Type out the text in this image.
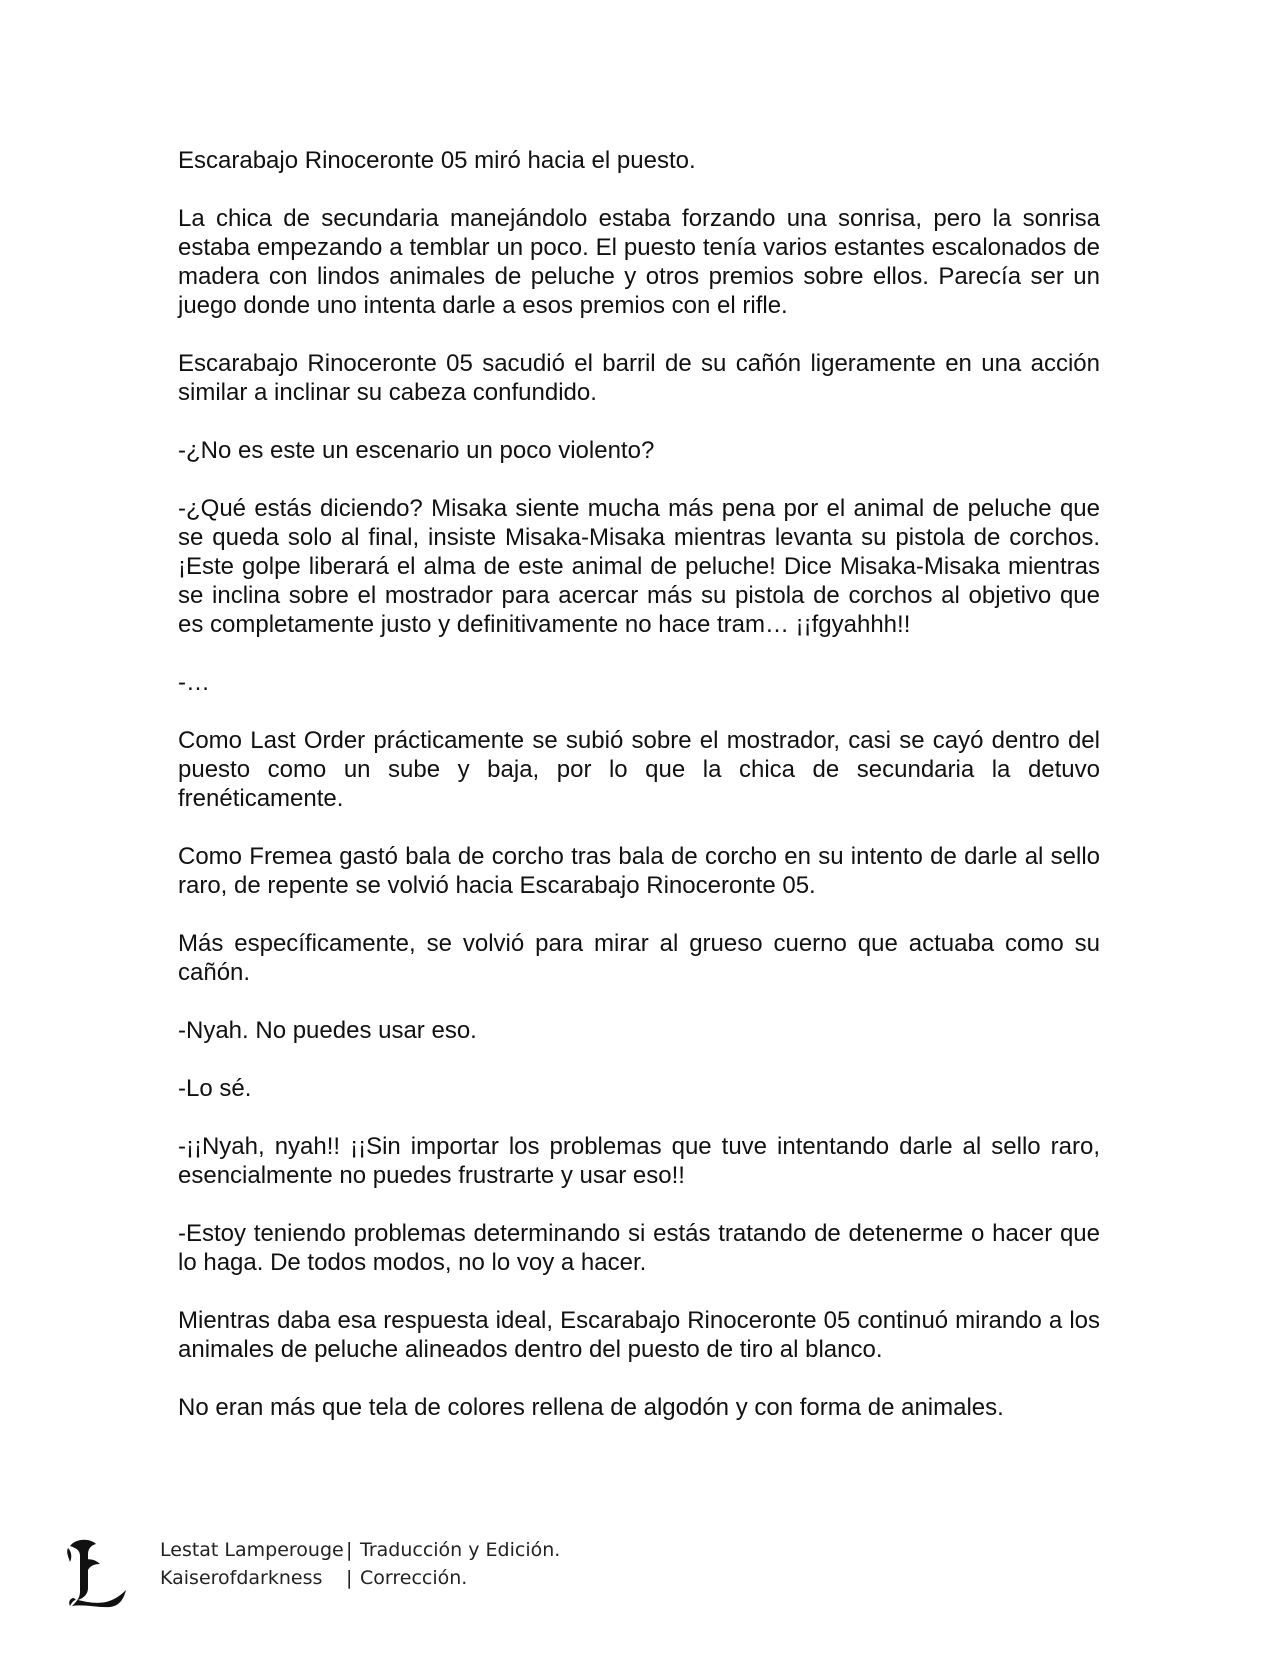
Escarabajo Rinoceronte 05 miró hacia el puesto.

La chica de secundaria manejándolo estaba forzando una sonrisa, pero la sonrisa estaba empezando a temblar un poco. El puesto tenía varios estantes escalonados de madera con lindos animales de peluche y otros premios sobre ellos. Parecía ser un juego donde uno intenta darle a esos premios con el rifle.

Escarabajo Rinoceronte 05 sacudió el barril de su cañón ligeramente en una acción similar a inclinar su cabeza confundido.

-¿No es este un escenario un poco violento?

-¿Qué estás diciendo? Misaka siente mucha más pena por el animal de peluche que se queda solo al final, insiste Misaka-Misaka mientras levanta su pistola de corchos. ¡Este golpe liberará el alma de este animal de peluche! Dice Misaka-Misaka mientras se inclina sobre el mostrador para acercar más su pistola de corchos al objetivo que es completamente justo y definitivamente no hace tram… ¡¡fgyahhh!!

-…

Como Last Order prácticamente se subió sobre el mostrador, casi se cayó dentro del puesto como un sube y baja, por lo que la chica de secundaria la detuvo frenéticamente.

Como Fremea gastó bala de corcho tras bala de corcho en su intento de darle al sello raro, de repente se volvió hacia Escarabajo Rinoceronte 05.

Más específicamente, se volvió para mirar al grueso cuerno que actuaba como su cañón.

-Nyah. No puedes usar eso.

-Lo sé.

-¡¡Nyah, nyah!! ¡¡Sin importar los problemas que tuve intentando darle al sello raro, esencialmente no puedes frustrarte y usar eso!!

-Estoy teniendo problemas determinando si estás tratando de detenerme o hacer que lo haga. De todos modos, no lo voy a hacer.

Mientras daba esa respuesta ideal, Escarabajo Rinoceronte 05 continuó mirando a los animales de peluche alineados dentro del puesto de tiro al blanco.

No eran más que tela de colores rellena de algodón y con forma de animales.

Lestat Lamperouge | Traducción y Edición.
Kaiserofdarkness | Corrección.
